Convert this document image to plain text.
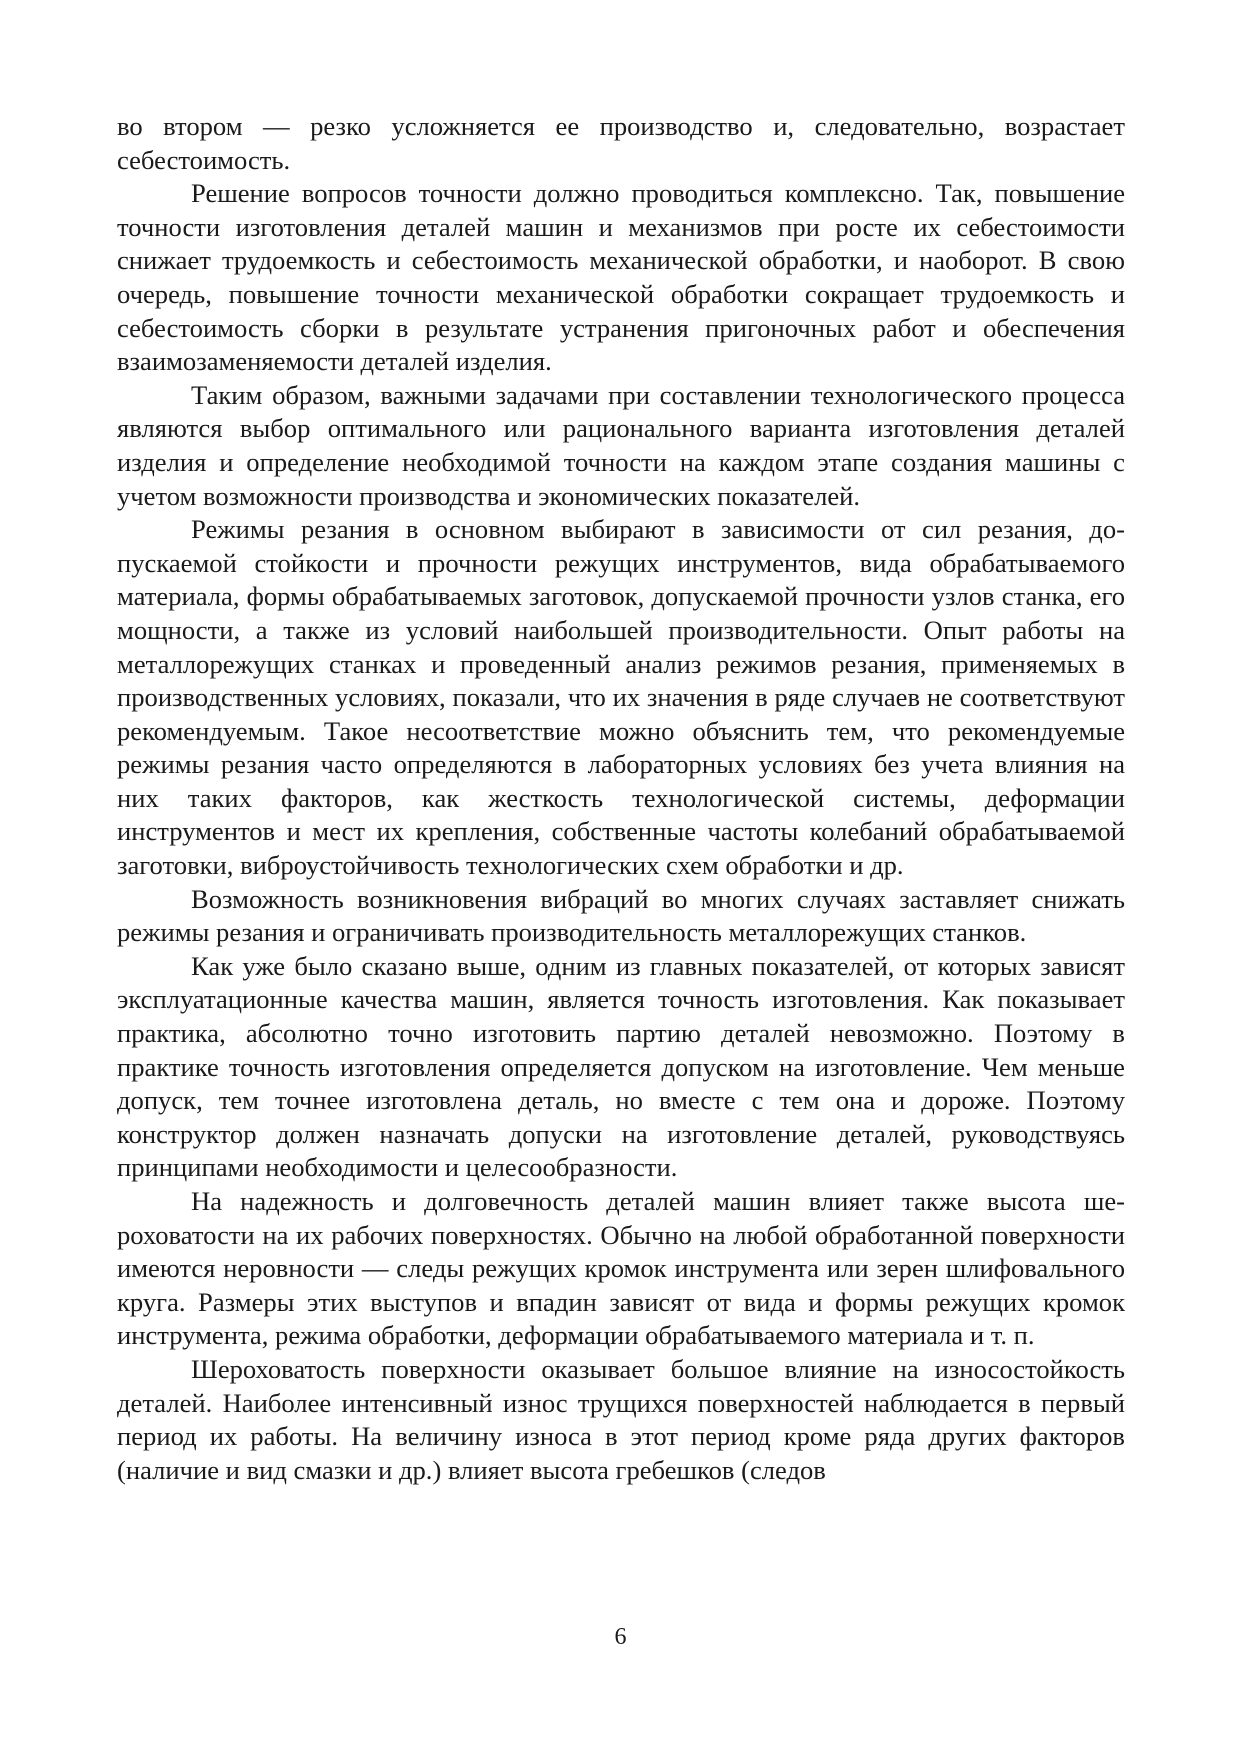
во втором — резко усложняется ее производство и, следовательно, возрастает себестоимость.

Решение вопросов точности должно проводиться комплексно. Так, повышение точности изготовления деталей машин и механизмов при росте их себестоимости снижает трудоемкость и себестоимость механической обработки, и наоборот. В свою очередь, повышение точности механической обработки сокращает трудоемкость и себестоимость сборки в результате устранения пригоночных работ и обеспечения взаимозаменяемости деталей изделия.

Таким образом, важными задачами при составлении технологического процесса являются выбор оптимального или рационального варианта изготовления деталей изделия и определение необходимой точности на каждом этапе создания машины с учетом возможности производства и экономических показателей.

Режимы резания в основном выбирают в зависимости от сил резания, допускаемой стойкости и прочности режущих инструментов, вида обрабатываемого материала, формы обрабатываемых заготовок, допускаемой прочности узлов станка, его мощности, а также из условий наибольшей производительности. Опыт работы на металлорежущих станках и проведенный анализ режимов резания, применяемых в производственных условиях, показали, что их значения в ряде случаев не соответствуют рекомендуемым. Такое несоответствие можно объяснить тем, что рекомендуемые режимы резания часто определяются в лабораторных условиях без учета влияния на них таких факторов, как жесткость технологической системы, деформации инструментов и мест их крепления, собственные частоты колебаний обрабатываемой заготовки, виброустойчивость технологических схем обработки и др.

Возможность возникновения вибраций во многих случаях заставляет снижать режимы резания и ограничивать производительность металлорежущих станков.

Как уже было сказано выше, одним из главных показателей, от которых зависят эксплуатационные качества машин, является точность изготовления. Как показывает практика, абсолютно точно изготовить партию деталей невозможно. Поэтому в практике точность изготовления определяется допуском на изготовление. Чем меньше допуск, тем точнее изготовлена деталь, но вместе с тем она и дороже. Поэтому конструктор должен назначать допуски на изготовление деталей, руководствуясь принципами необходимости и целесообразности.

На надежность и долговечность деталей машин влияет также высота шероховатости на их рабочих поверхностях. Обычно на любой обработанной поверхности имеются неровности — следы режущих кромок инструмента или зерен шлифовального круга. Размеры этих выступов и впадин зависят от вида и формы режущих кромок инструмента, режима обработки, деформации обрабатываемого материала и т. п.

Шероховатость поверхности оказывает большое влияние на износостойкость деталей. Наиболее интенсивный износ трущихся поверхностей наблюдается в первый период их работы. На величину износа в этот период кроме ряда других факторов (наличие и вид смазки и др.) влияет высота гребешков (следов

6
